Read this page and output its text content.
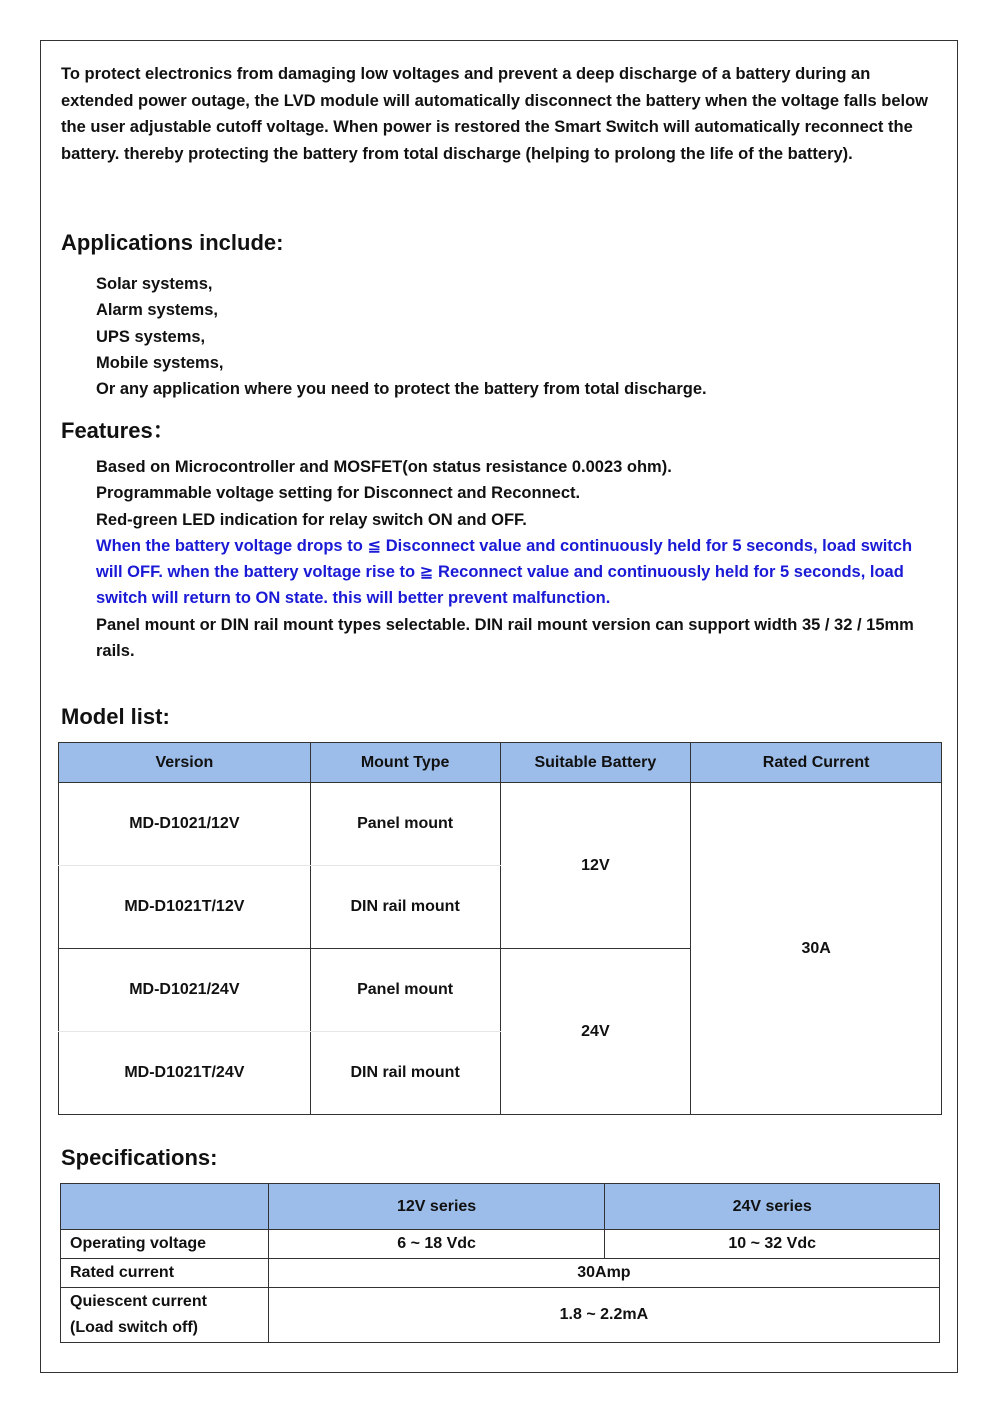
To protect electronics from damaging low voltages and prevent a deep discharge of a battery during an extended power outage, the LVD module will automatically disconnect the battery when the voltage falls below the user adjustable cutoff voltage. When power is restored the Smart Switch will automatically reconnect the battery. thereby protecting the battery from total discharge (helping to prolong the life of the battery).

Applications include:
Solar systems,
Alarm systems,
UPS systems,
Mobile systems,
Or any application where you need to protect the battery from total discharge.
Features：
Based on Microcontroller and MOSFET(on status resistance 0.0023 ohm).
Programmable voltage setting for Disconnect and Reconnect.
Red-green LED indication for relay switch ON and OFF.
When the battery voltage drops to ≦ Disconnect value and continuously held for 5 seconds, load switch will OFF. when the battery voltage rise to ≧ Reconnect value and continuously held for 5 seconds, load switch will return to ON state. this will better prevent malfunction.
Panel mount or DIN rail mount types selectable. DIN rail mount version can support width 35 / 32 / 15mm rails.
Model list:
Version	Mount Type	Suitable Battery	Rated Current
MD-D1021/12V	Panel mount	12V	30A
MD-D1021T/12V	DIN rail mount		
MD-D1021/24V	Panel mount	24V	
MD-D1021T/24V	DIN rail mount		
Specifications:
	12V series	24V series
Operating voltage	6 ~ 18 Vdc	10 ~ 32 Vdc
Rated current	30Amp	
Quiescent current
(Load switch off)	1.8 ~ 2.2mA	
